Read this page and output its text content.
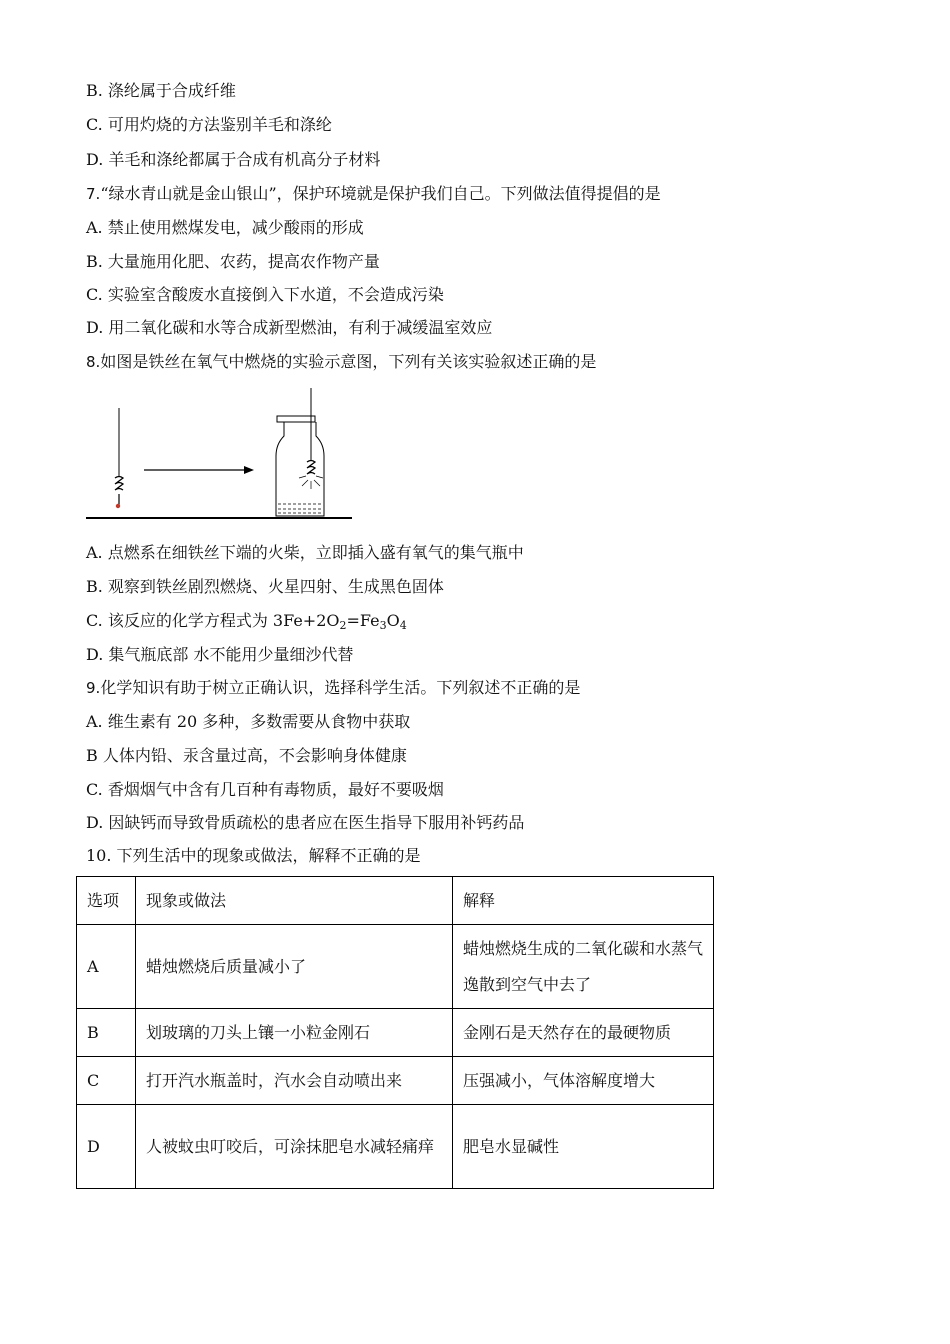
B. 涤纶属于合成纤维
C. 可用灼烧的方法鉴别羊毛和涤纶
D. 羊毛和涤纶都属于合成有机高分子材料
7.“绿水青山就是金山银山”，保护环境就是保护我们自己。下列做法值得提倡的是
A. 禁止使用燃煤发电，减少酸雨的形成
B. 大量施用化肥、农药，提高农作物产量
C. 实验室含酸废水直接倒入下水道，不会造成污染
D. 用二氧化碳和水等合成新型燃油，有利于减缓温室效应
8.如图是铁丝在氧气中燃烧的实验示意图，下列有关该实验叙述正确的是
A. 点燃系在细铁丝下端的火柴，立即插入盛有氧气的集气瓶中
B. 观察到铁丝剧烈燃烧、火星四射、生成黑色固体
C. 该反应的化学方程式为 $3Fe+2O_2=Fe_3O_4$
D. 集气瓶底部 水不能用少量细沙代替
9.化学知识有助于树立正确认识，选择科学生活。下列叙述不正确的是
A. 维生素有 20 多种，多数需要从食物中获取
B 人体内铅、汞含量过高，不会影响身体健康
C. 香烟烟气中含有几百种有毒物质，最好不要吸烟
D. 因缺钙而导致骨质疏松的患者应在医生指导下服用补钙药品
10. 下列生活中的现象或做法，解释不正确的是
选项	现象或做法	解释
A	蜡烛燃烧后质量减小了	蜡烛燃烧生成的二氧化碳和水蒸气逸散到空气中去了
B	划玻璃的刀头上镶一小粒金刚石	金刚石是天然存在的最硬物质
C	打开汽水瓶盖时，汽水会自动喷出来	压强减小，气体溶解度增大
D	人被蚊虫叮咬后，可涂抹肥皂水减轻痛痒	肥皂水显碱性
